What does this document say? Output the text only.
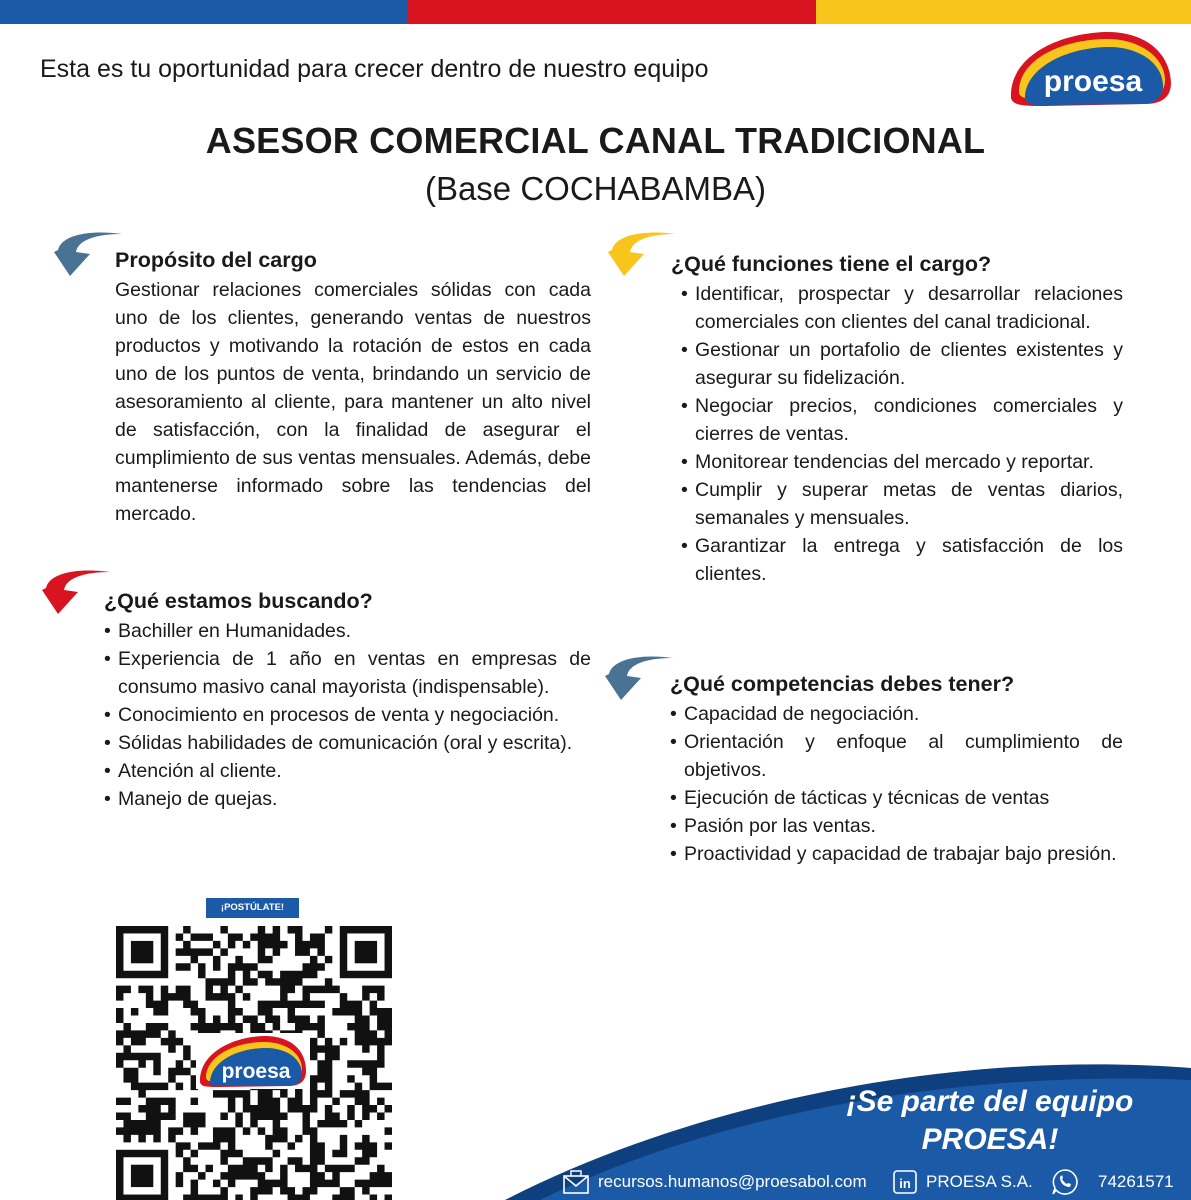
Esta es tu oportunidad para crecer dentro de nuestro equipo	proesa
ASESOR COMERCIAL CANAL TRADICIONAL
(Base COCHABAMBA)
Propósito del cargo

Gestionar relaciones comerciales sólidas con cada uno de los clientes, generando ventas de nuestros productos y motivando la rotación de estos en cada uno de los puntos de venta, brindando un servicio de asesoramiento al cliente, para mantener un alto nivel de satisfacción, con la finalidad de asegurar el cumplimiento de sus ventas mensuales. Además, debe mantenerse informado sobre las tendencias del mercado.

¿Qué estamos buscando?
• Bachiller en Humanidades.
• Experiencia de 1 año en ventas en empresas de consumo masivo canal mayorista (indispensable).
• Conocimiento en procesos de venta y negociación.
• Sólidas habilidades de comunicación (oral y escrita).
• Atención al cliente.
• Manejo de quejas.
¿Qué funciones tiene el cargo?
• Identificar, prospectar y desarrollar relaciones comerciales con clientes del canal tradicional.
• Gestionar un portafolio de clientes existentes y asegurar su fidelización.
• Negociar precios, condiciones comerciales y cierres de ventas.
• Monitorear tendencias del mercado y reportar.
• Cumplir y superar metas de ventas diarios, semanales y mensuales.
• Garantizar la entrega y satisfacción de los clientes.
¿Qué competencias debes tener?
• Capacidad de negociación.
• Orientación y enfoque al cumplimiento de objetivos.
• Ejecución de tácticas y técnicas de ventas
• Pasión por las ventas.
• Proactividad y capacidad de trabajar bajo presión.
¡POSTÚLATE!
proesa
¡Se parte del equipo
PROESA!
recursos.humanos@proesabol.com	in PROESA S.A.	74261571
